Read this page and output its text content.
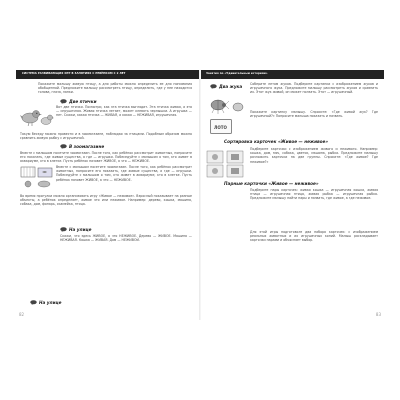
СИСТЕМА РАЗВИВАЮЩИХ ИГР В ЗАНЯТИЯХ С РЕБЁНКОМ С 2 ЛЕТ	Занятия по «Удивительным историям»
Покажите малышу живую птицу, а для работы можно определить ее для понимания обобщенной. Предложите малышу рассмотреть птицу, определить, где у нее находится голова, глаза, лапки.
Две птички
Вот две птички. Посмотри, как эта птичка выглядит. Эта птичка живая, а эта — игрушечная. Живая птичка летает, может клевать зернышки. А игрушка — нет. Скажи, какая птичка — ЖИВАЯ, а какая — НЕЖИВАЯ, игрушечная.
Такую беседу можно провести и в зоомагазине, наблюдая за птицами. Подобным образом можно сравнить живую рыбку с игрушечной.
В зоомагазине
Вместе с малышом посетите зоомагазин. После того, как ребёнок рассмотрит животных, попросите его показать, где живые существа, а где — игрушки. Побеседуйте с малышом о том, кто живет в аквариуме, кто в клетке. Пусть ребёнок назовет ЖИВОЕ, а что — НЕЖИВОЕ.
Вместе с малышом посетите зоомагазин. После того, как ребёнок рассмотрит животных, попросите его показать, где живые существа, а где — игрушки. Побеседуйте с малышом о том, кто живет в аквариуме, кто в клетке. Пусть ребёнок назовет ЖИВОЕ, а что — НЕЖИВОЕ.
Во время прогулки можно организовать игру «Живое — неживое». Взрослый показывает на разные объекты, а ребёнок определяет, живое это или неживое. Например: дерево, кошка, машина, собака, дом, фонарь, скамейка, птица.
На улице
Скажи, что здесь ЖИВОЕ, а что НЕЖИВОЕ. Дерево — ЖИВОЕ. Машина — НЕЖИВАЯ. Кошка — ЖИВАЯ. Дом — НЕЖИВОЙ.
На улице
82
Два жука Соберите летом жуков. Подберите картинки с изображением жуков и игрушечного жука. Предложите малышу рассмотреть жуков и сравнить их. Этот жук живой, он может ползать. Этот — игрушечный.
Покажите картинку малышу. Спросите: «Где живой жук? Где игрушечный?» Попросите малыша показать и назвать.
ЛОТО
Сортировка карточек «Живое — неживое»
Подберите карточки с изображением живого и неживого. Например: кошка, дом, мяч, собака, цветок, машина, рыбка. Предложите малышу разложить карточки на две группы. Спросите: «Где живое? Где неживое?»
Парные карточки «Живое — неживое»
Подберите пары карточек: живая кошка — игрушечная кошка, живая птица — игрушечная птица, живая рыбка — игрушечная рыбка. Предложите малышу найти пары и назвать, где живое, а где неживое.
Для этой игры подготовьте два набора карточек: с изображением реальных животных и их игрушечных копий. Малыш раскладывает карточки парами и объясняет выбор.
83
